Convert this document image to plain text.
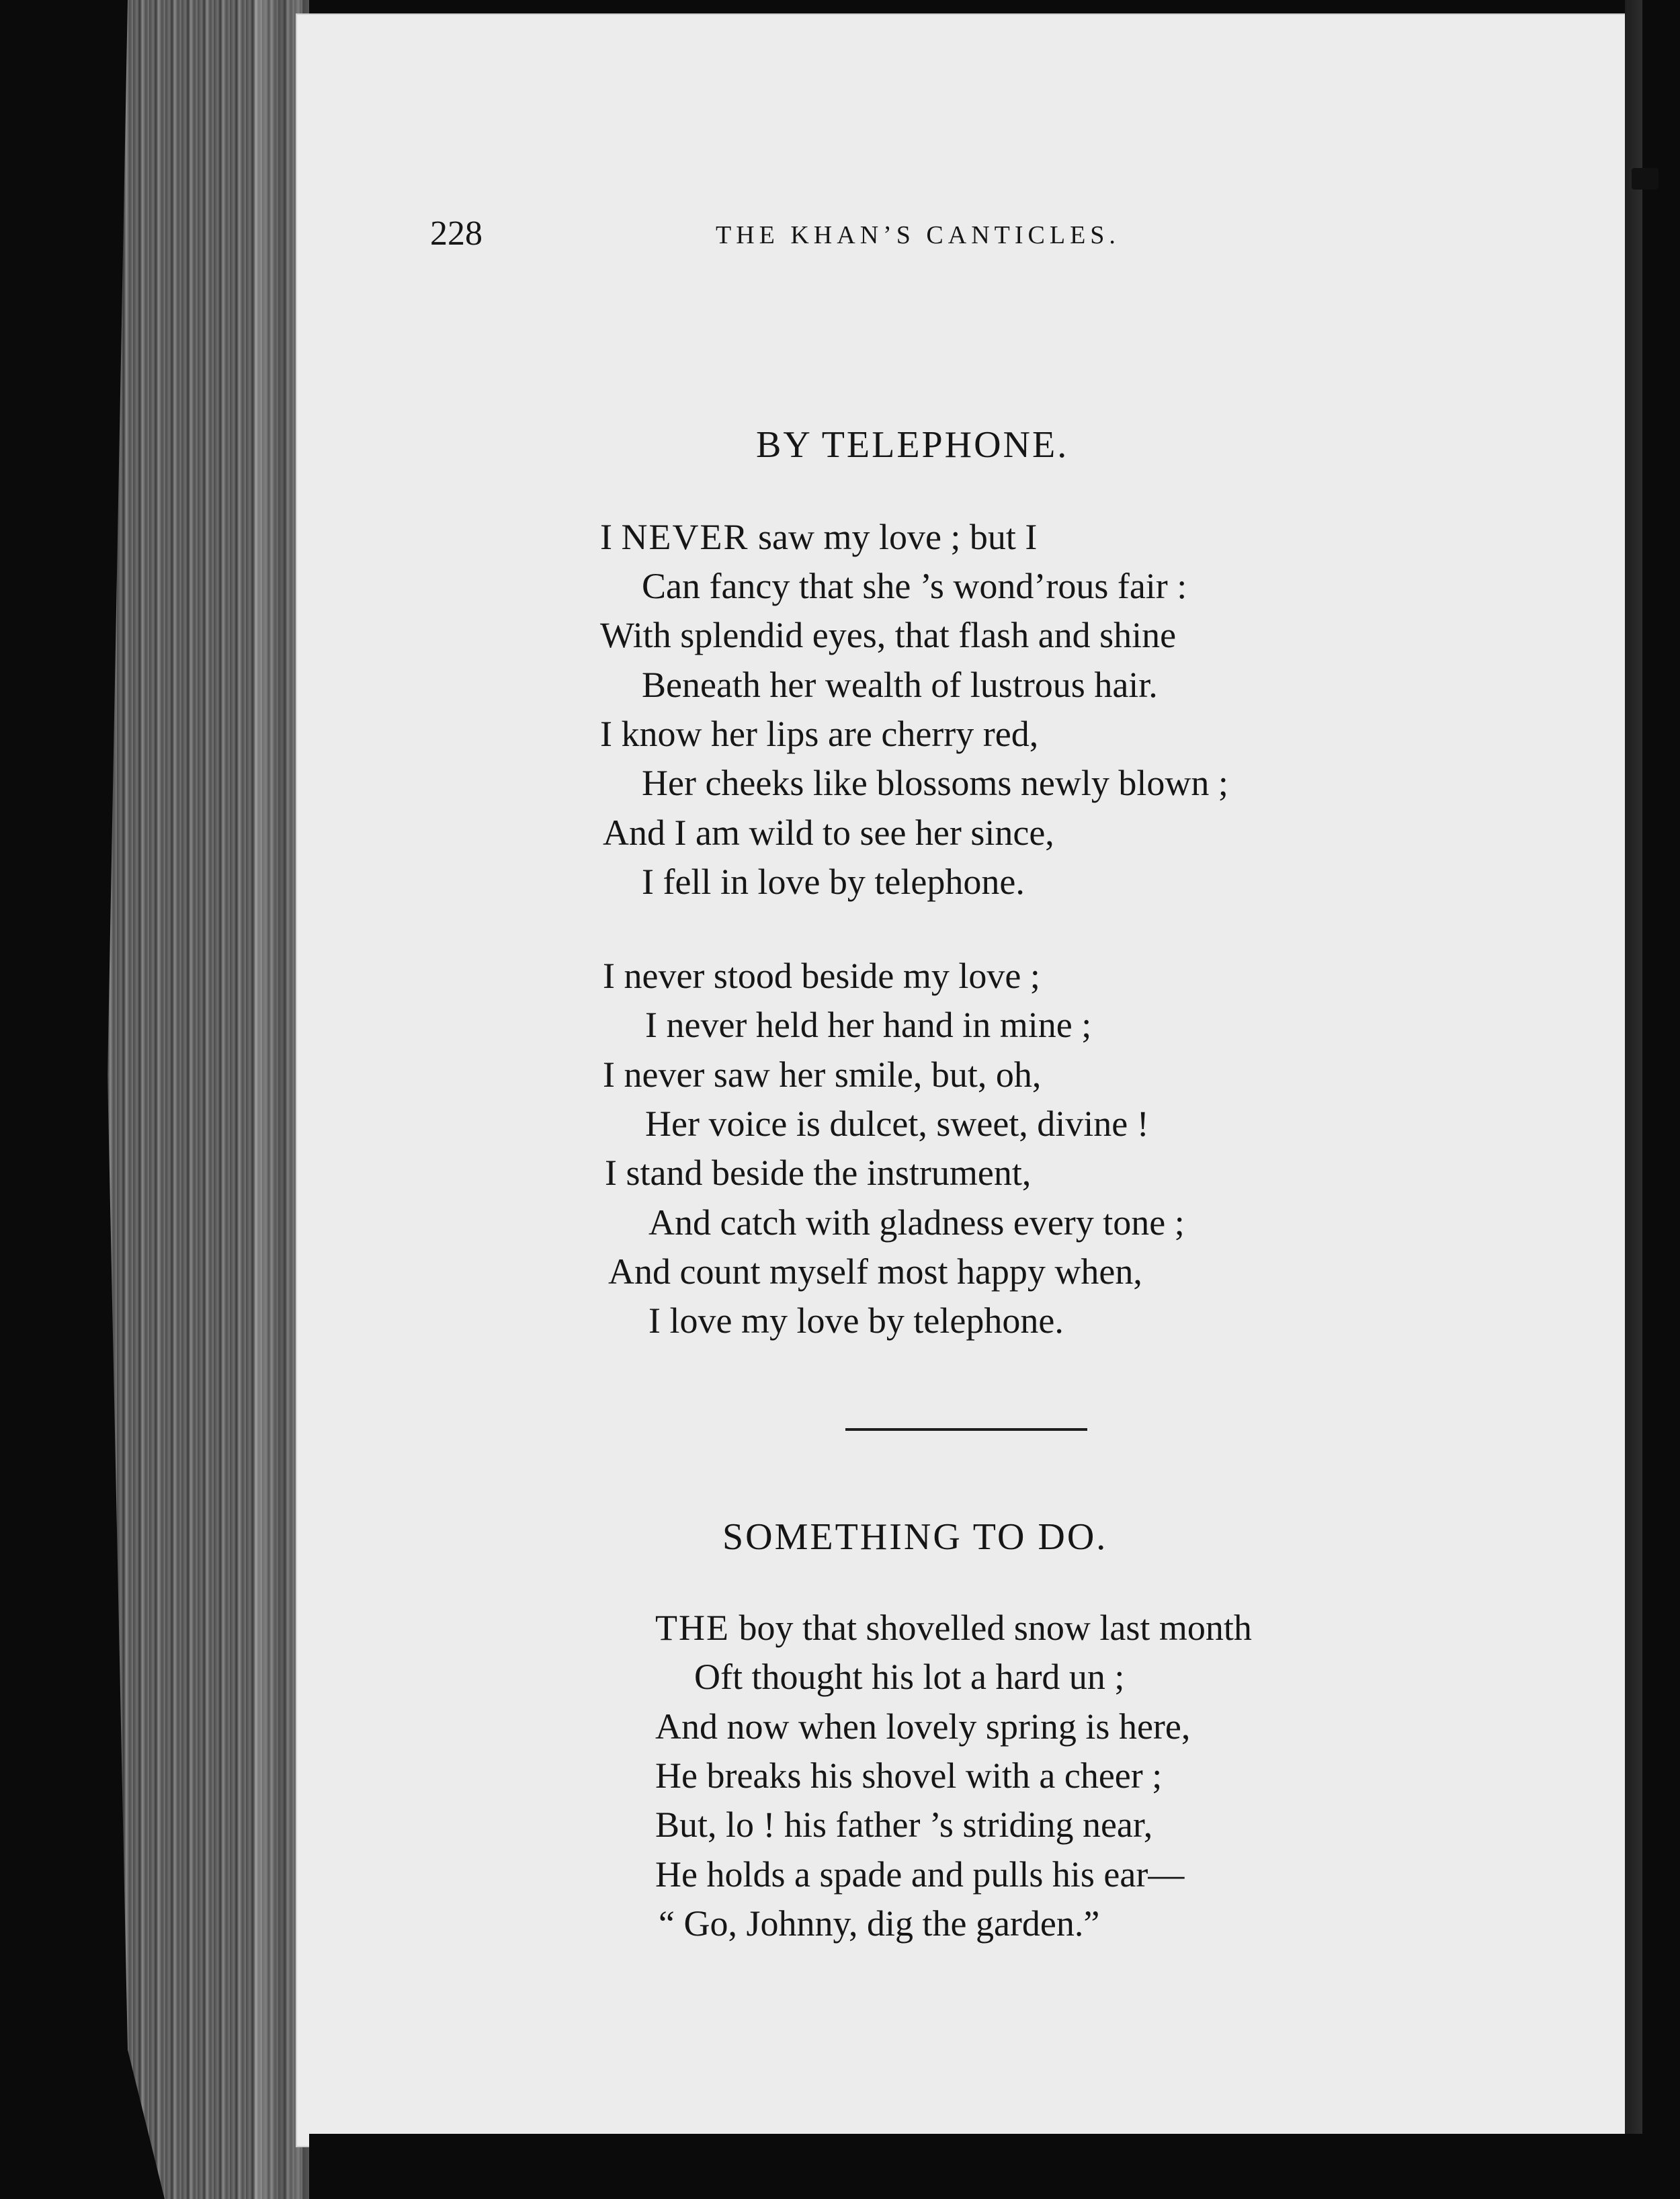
228	THE KHAN’S CANTICLES.
BY TELEPHONE.
I NEVER saw my love ; but I
Can fancy that she ’s wond’rous fair :
With splendid eyes, that flash and shine
Beneath her wealth of lustrous hair.
I know her lips are cherry red,
Her cheeks like blossoms newly blown ;
And I am wild to see her since,
I fell in love by telephone.
I never stood beside my love ;
I never held her hand in mine ;
I never saw her smile, but, oh,
Her voice is dulcet, sweet, divine !
I stand beside the instrument,
And catch with gladness every tone ;
And count myself most happy when,
I love my love by telephone.
SOMETHING TO DO.
THE boy that shovelled snow last month
Oft thought his lot a hard un ;
And now when lovely spring is here,
He breaks his shovel with a cheer ;
But, lo ! his father ’s striding near,
He holds a spade and pulls his ear—
“ Go, Johnny, dig the garden.”
